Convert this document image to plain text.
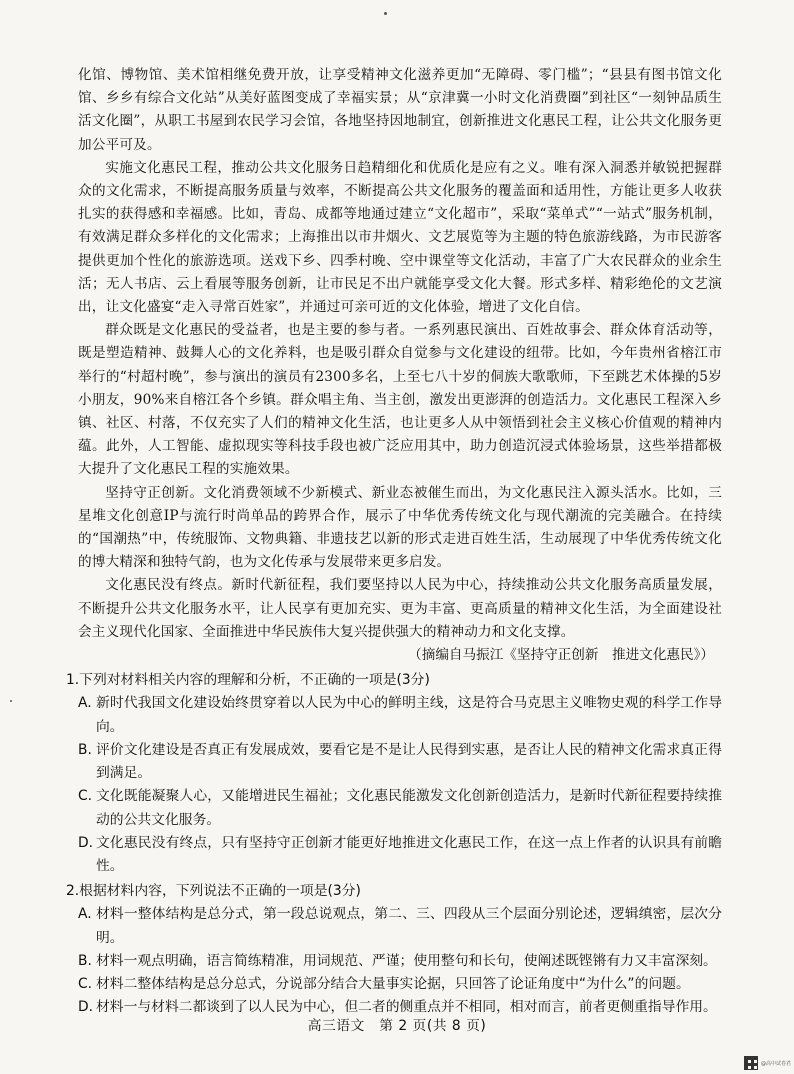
化馆、博物馆、美术馆相继免费开放，让享受精神文化滋养更加“无障碍、零门槛”；“县县有图书馆文化馆、乡乡有综合文化站”从美好蓝图变成了幸福实景；从“京津冀一小时文化消费圈”到社区“一刻钟品质生活文化圈”，从职工书屋到农民学习会馆，各地坚持因地制宜，创新推进文化惠民工程，让公共文化服务更加公平可及。

实施文化惠民工程，推动公共文化服务日趋精细化和优质化是应有之义。唯有深入洞悉并敏锐把握群众的文化需求，不断提高服务质量与效率，不断提高公共文化服务的覆盖面和适用性，方能让更多人收获扎实的获得感和幸福感。比如，青岛、成都等地通过建立“文化超市”，采取“菜单式”“一站式”服务机制，有效满足群众多样化的文化需求；上海推出以市井烟火、文艺展览等为主题的特色旅游线路，为市民游客提供更加个性化的旅游选项。送戏下乡、四季村晚、空中课堂等文化活动，丰富了广大农民群众的业余生活；无人书店、云上看展等服务创新，让市民足不出户就能享受文化大餐。形式多样、精彩绝伦的文艺演出，让文化盛宴“走入寻常百姓家”，并通过可亲可近的文化体验，增进了文化自信。

群众既是文化惠民的受益者，也是主要的参与者。一系列惠民演出、百姓故事会、群众体育活动等，既是塑造精神、鼓舞人心的文化养料，也是吸引群众自觉参与文化建设的纽带。比如，今年贵州省榕江市举行的“村超村晚”，参与演出的演员有2300多名，上至七八十岁的侗族大歌歌师，下至跳艺术体操的5岁小朋友，90%来自榕江各个乡镇。群众唱主角、当主创，激发出更澎湃的创造活力。文化惠民工程深入乡镇、社区、村落，不仅充实了人们的精神文化生活，也让更多人从中领悟到社会主义核心价值观的精神内蕴。此外，人工智能、虚拟现实等科技手段也被广泛应用其中，助力创造沉浸式体验场景，这些举措都极大提升了文化惠民工程的实施效果。

坚持守正创新。文化消费领域不少新模式、新业态被催生而出，为文化惠民注入源头活水。比如，三星堆文化创意IP与流行时尚单品的跨界合作，展示了中华优秀传统文化与现代潮流的完美融合。在持续的“国潮热”中，传统服饰、文物典籍、非遗技艺以新的形式走进百姓生活，生动展现了中华优秀传统文化的博大精深和独特气韵，也为文化传承与发展带来更多启发。

文化惠民没有终点。新时代新征程，我们要坚持以人民为中心，持续推动公共文化服务高质量发展，不断提升公共文化服务水平，让人民享有更加充实、更为丰富、更高质量的精神文化生活，为全面建设社会主义现代化国家、全面推进中华民族伟大复兴提供强大的精神动力和文化支撑。

（摘编自马振江《坚持守正创新　推进文化惠民》）

1.下列对材料相关内容的理解和分析，不正确的一项是(3分)

A. 新时代我国文化建设始终贯穿着以人民为中心的鲜明主线，这是符合马克思主义唯物史观的科学工作导向。
B. 评价文化建设是否真正有发展成效，要看它是不是让人民得到实惠，是否让人民的精神文化需求真正得到满足。
C. 文化既能凝聚人心，又能增进民生福祉；文化惠民能激发文化创新创造活力，是新时代新征程要持续推动的公共文化服务。
D. 文化惠民没有终点，只有坚持守正创新才能更好地推进文化惠民工作，在这一点上作者的认识具有前瞻性。

2.根据材料内容，下列说法不正确的一项是(3分)

A. 材料一整体结构是总分式，第一段总说观点，第二、三、四段从三个层面分别论述，逻辑缜密，层次分明。
B. 材料一观点明确，语言简练精准，用词规范、严谨；使用整句和长句，使阐述既铿锵有力又丰富深刻。
C. 材料二整体结构是总分总式，分说部分结合大量事实论据，只回答了论证角度中“为什么”的问题。
D. 材料一与材料二都谈到了以人民为中心，但二者的侧重点并不相同，相对而言，前者更侧重指导作用。
高三语文　第 2 页(共 8 页)
@高中试卷君
